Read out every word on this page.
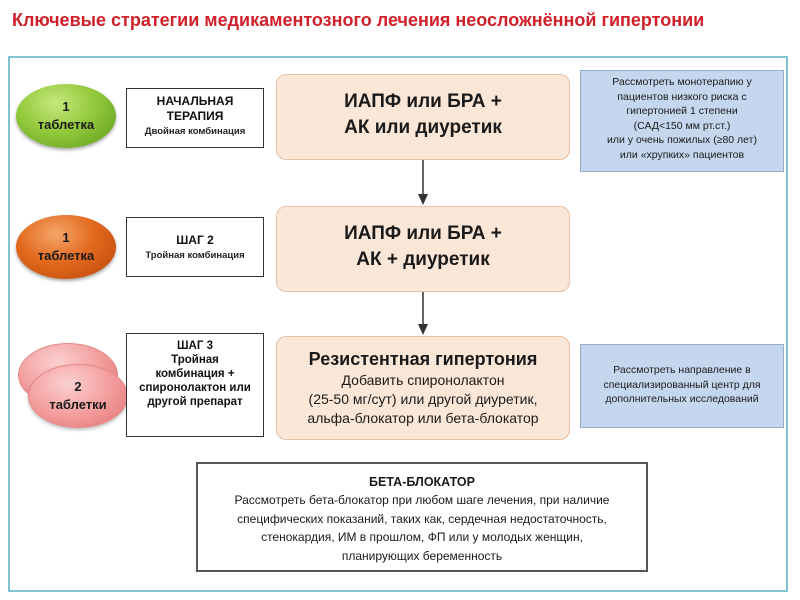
Ключевые стратегии медикаментозного лечения неосложнённой гипертонии
1
таблетка
НАЧАЛЬНАЯ
ТЕРАПИЯ
Двойная комбинация
ИАПФ или БРА +
АК или диуретик
Рассмотреть монотерапию у
пациентов низкого риска с
гипертонией 1 степени
(САД<150 мм рт.ст.)
или у очень пожилых (≥80 лет)
или «хрупких» пациентов
1
таблетка
ШАГ 2
Тройная комбинация
ИАПФ или БРА +
АК + диуретик
2
таблетки
ШАГ 3
Тройная
комбинация +
спиронолактон или
другой препарат
Резистентная гипертония
Добавить спиронолактон
(25-50 мг/сут) или другой диуретик,
альфа-блокатор или бета-блокатор
Рассмотреть направление в
специализированный центр для
дополнительных исследований
БЕТА-БЛОКАТОР
Рассмотреть бета-блокатор при любом шаге лечения, при наличие
специфических показаний, таких как, сердечная недостаточность,
стенокардия, ИМ в прошлом, ФП или у молодых женщин,
планирующих беременность
